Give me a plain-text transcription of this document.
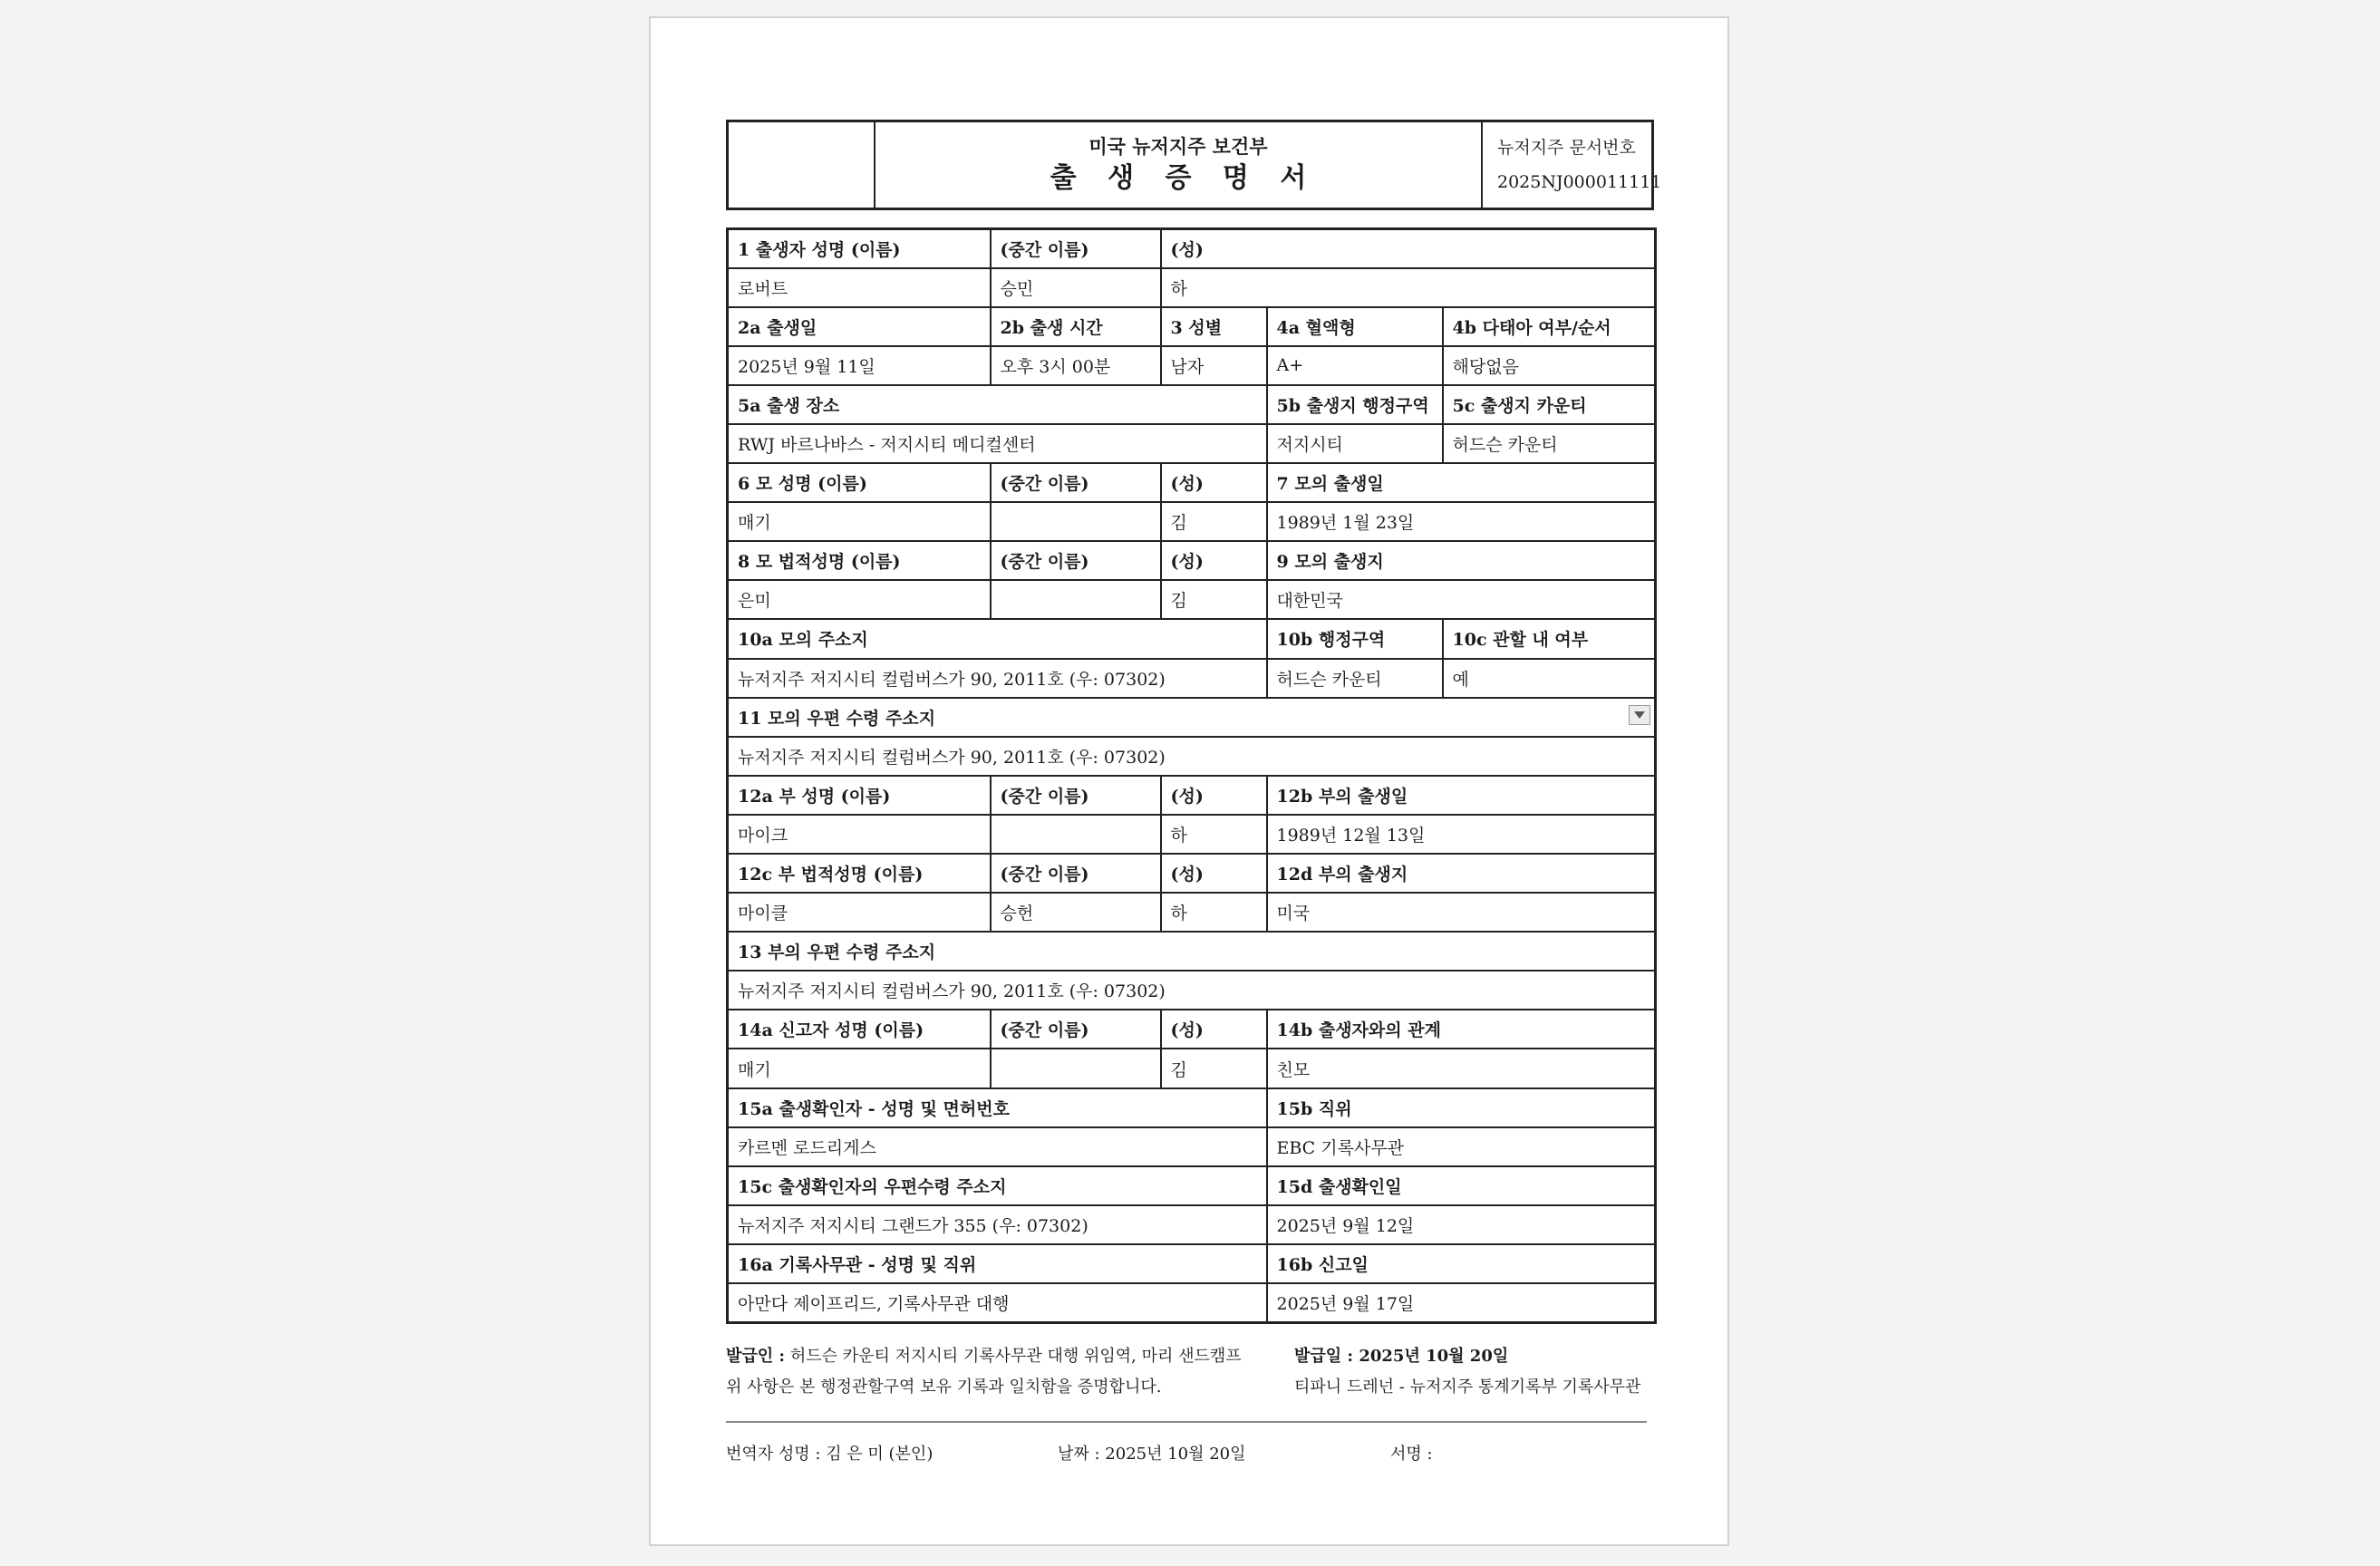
미국 뉴저지주 보건부
출 생 증 명 서
뉴저지주 문서번호
2025NJ000011111
1 출생자 성명 (이름)	(중간 이름)	(성)		
로버트	승민	하		
2a 출생일	2b 출생 시간	3 성별	4a 혈액형	4b 다태아 여부/순서
2025년 9월 11일	오후 3시 00분	남자	A+	해당없음
5a 출생 장소			5b 출생지 행정구역	5c 출생지 카운티
RWJ 바르나바스 - 저지시티 메디컬센터			저지시티	허드슨 카운티
6 모 성명 (이름)	(중간 이름)	(성)	7 모의 출생일	
매기		김	1989년 1월 23일	
8 모 법적성명 (이름)	(중간 이름)	(성)	9 모의 출생지	
은미		김	대한민국	
10a 모의 주소지			10b 행정구역	10c 관할 내 여부
뉴저지주 저지시티 컬럼버스가 90, 2011호 (우: 07302)			허드슨 카운티	예
11 모의 우편 수령 주소지				

뉴저지주 저지시티 컬럼버스가 90, 2011호 (우: 07302)				
12a 부 성명 (이름)	(중간 이름)	(성)	12b 부의 출생일	
마이크		하	1989년 12월 13일	
12c 부 법적성명 (이름)	(중간 이름)	(성)	12d 부의 출생지	
마이클	승헌	하	미국	
13 부의 우편 수령 주소지				
뉴저지주 저지시티 컬럼버스가 90, 2011호 (우: 07302)				
14a 신고자 성명 (이름)	(중간 이름)	(성)	14b 출생자와의 관계	
매기		김	친모	
15a 출생확인자 - 성명 및 면허번호			15b 직위	
카르멘 로드리게스			EBC 기록사무관	
15c 출생확인자의 우편수령 주소지			15d 출생확인일	
뉴저지주 저지시티 그랜드가 355 (우: 07302)			2025년 9월 12일	
16a 기록사무관 - 성명 및 직위			16b 신고일	
아만다 제이프리드, 기록사무관 대행			2025년 9월 17일	
발급인 : 허드슨 카운티 저지시티 기록사무관 대행 위임역, 마리 샌드캠프
위 사항은 본 행정관할구역 보유 기록과 일치함을 증명합니다.
발급일 : 2025년 10월 20일
티파니 드레넌 - 뉴저지주 통계기록부 기록사무관
번역자 성명 : 김 은 미 (본인)	날짜 : 2025년 10월 20일	서명 :
